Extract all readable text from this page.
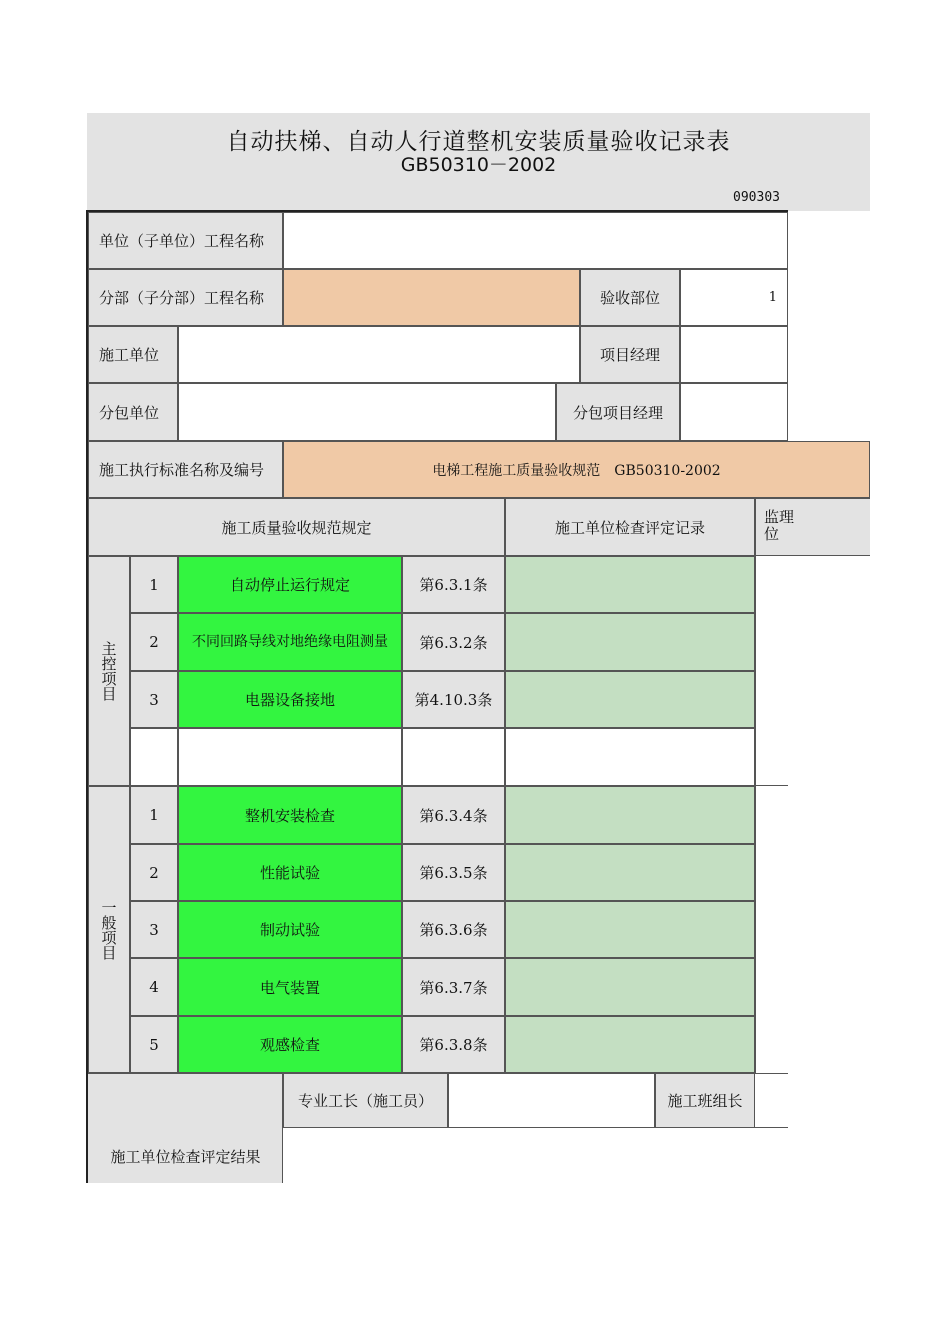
自动扶梯、自动人行道整机安装质量验收记录表
GB50310－2002
090303
单位（子单位）工程名称
分部（子分部）工程名称	验收部位	1
施工单位	项目经理
分包单位	分包项目经理
施工执行标准名称及编号	电梯工程施工质量验收规范　GB50310-2002
施工质量验收规范规定	施工单位检查评定记录
监理
位
主控项目
1	自动停止运行规定	第6.3.1条
2	不同回路导线对地绝缘电阻测量	第6.3.2条
3	电器设备接地	第4.10.3条
一般项目
1	整机安装检查	第6.3.4条
2	性能试验	第6.3.5条
3	制动试验	第6.3.6条
4	电气装置	第6.3.7条
5	观感检查	第6.3.8条
施工单位检查评定结果
专业工长（施工员）	施工班组长
